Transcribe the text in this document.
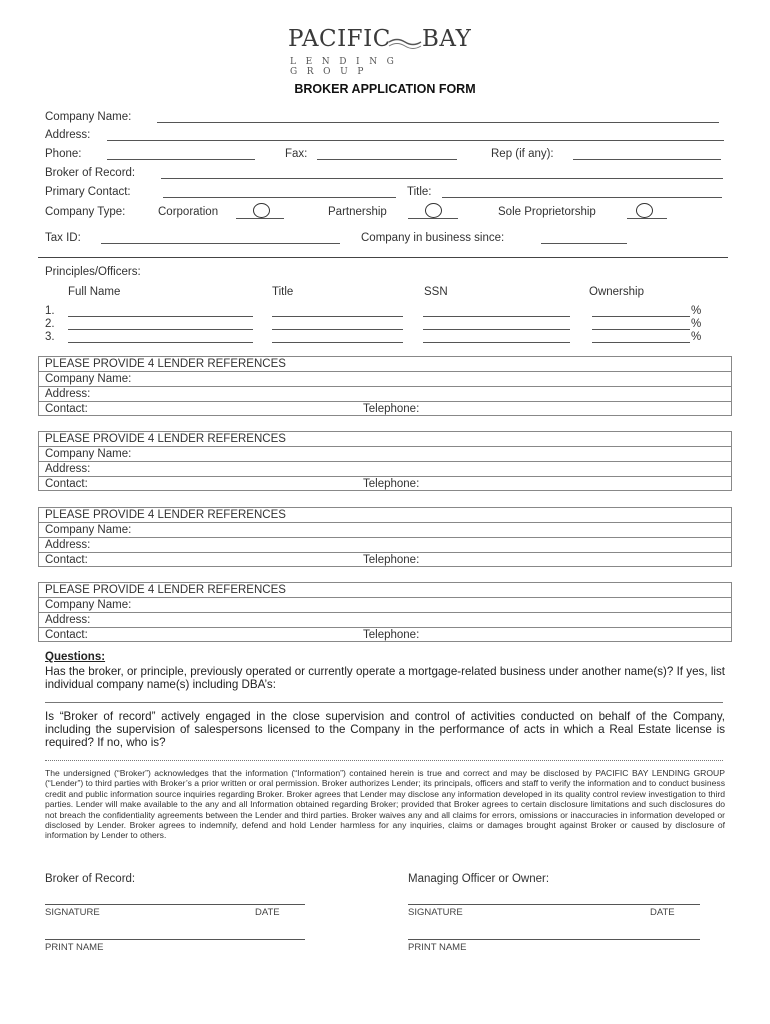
PACIFIC BAY
LENDING GROUP
BROKER APPLICATION FORM
Company Name:
Address:
Phone:	Fax:	Rep (if any):
Broker of Record:
Primary Contact:	Title:
Company Type:	Corporation	Partnership	Sole Proprietorship
Tax ID:	Company in business since:
Principles/Officers:
Full Name	Title	SSN	Ownership
1.	%
2.	%
3.	%
PLEASE PROVIDE 4 LENDER REFERENCES
Company Name:
Address:
Contact:	Telephone:
PLEASE PROVIDE 4 LENDER REFERENCES
Company Name:
Address:
Contact:	Telephone:
PLEASE PROVIDE 4 LENDER REFERENCES
Company Name:
Address:
Contact:	Telephone:
PLEASE PROVIDE 4 LENDER REFERENCES
Company Name:
Address:
Contact:	Telephone:
Questions:
Has the broker, or principle, previously operated or currently operate a mortgage-related business under another name(s)? If yes, list individual company name(s) including DBA’s:
Is “Broker of record” actively engaged in the close supervision and control of activities conducted on behalf of the Company, including the supervision of salespersons licensed to the Company in the performance of acts in which a Real Estate license is required? If no, who is?
The undersigned (“Broker”) acknowledges that the information (“Information”) contained herein is true and correct and may be disclosed by PACIFIC BAY LENDING GROUP (“Lender”) to third parties with Broker’s a prior written or oral permission. Broker authorizes Lender; its principals, officers and staff to verify the information and to conduct business credit and public information source inquiries regarding Broker. Broker agrees that Lender may disclose any information developed in its quality control review investigation to third parties. Lender will make available to the any and all Information obtained regarding Broker; provided that Broker agrees to certain disclosure limitations and such disclosures do not breach the confidentiality agreements between the Lender and third parties. Broker waives any and all claims for errors, omissions or inaccuracies in information developed or disclosed by Lender. Broker agrees to indemnify, defend and hold Lender harmless for any inquiries, claims or damages brought against Broker or caused by disclosure of information by Lender to others.
Broker of Record:	Managing Officer or Owner:
SIGNATURE	DATE	SIGNATURE	DATE
PRINT NAME	PRINT NAME
